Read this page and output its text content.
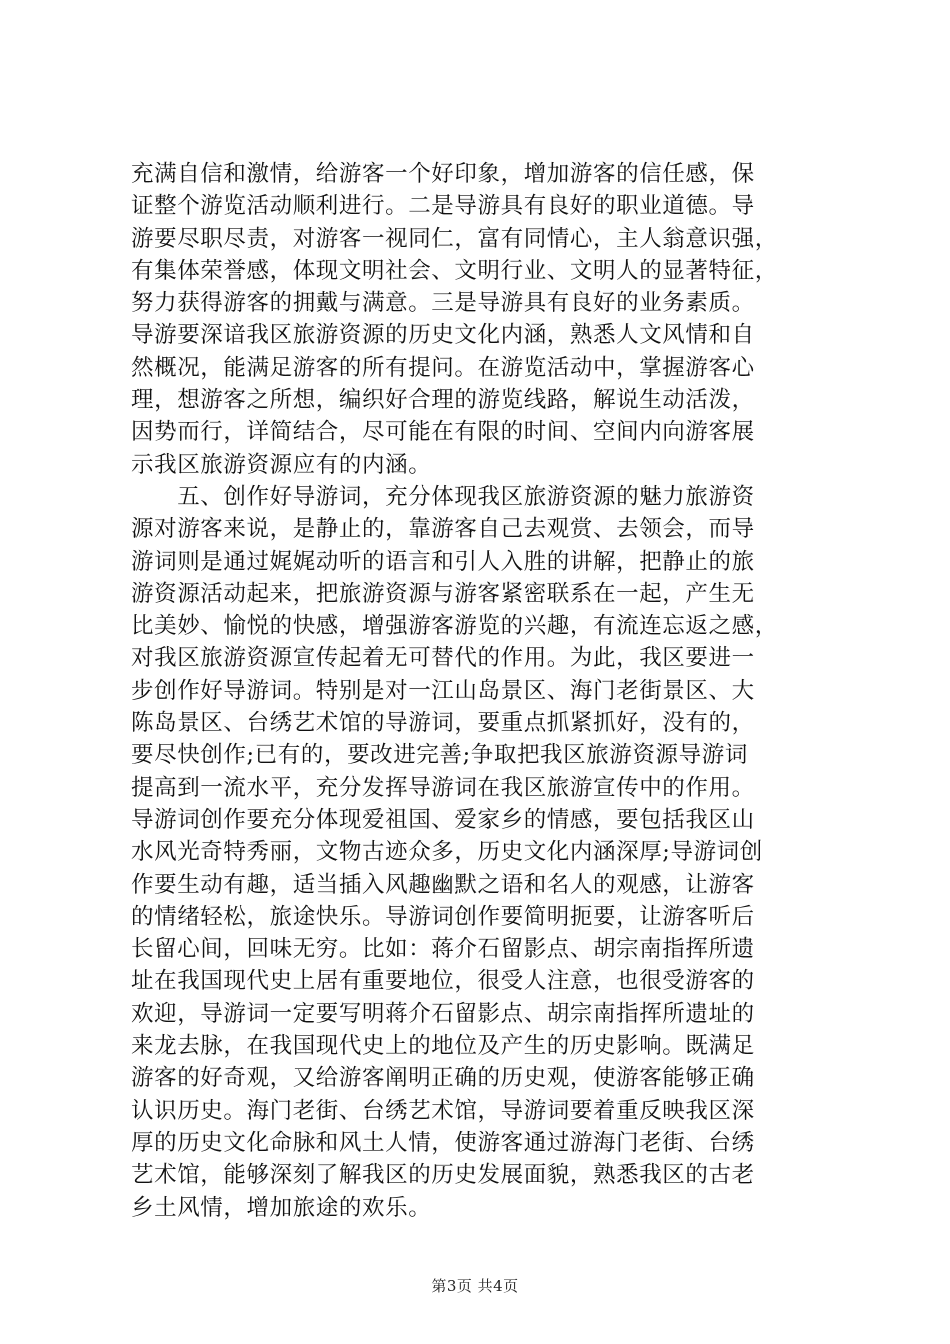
充满自信和激情，给游客一个好印象，增加游客的信任感，保
证整个游览活动顺利进行。二是导游具有良好的职业道德。导
游要尽职尽责，对游客一视同仁，富有同情心，主人翁意识强，
有集体荣誉感，体现文明社会、文明行业、文明人的显著特征，
努力获得游客的拥戴与满意。三是导游具有良好的业务素质。
导游要深谙我区旅游资源的历史文化内涵，熟悉人文风情和自
然概况，能满足游客的所有提问。在游览活动中，掌握游客心
理，想游客之所想，编织好合理的游览线路，解说生动活泼，
因势而行，详简结合，尽可能在有限的时间、空间内向游客展
示我区旅游资源应有的内涵。
　　五、创作好导游词，充分体现我区旅游资源的魅力旅游资
源对游客来说，是静止的，靠游客自己去观赏、去领会，而导
游词则是通过娓娓动听的语言和引人入胜的讲解，把静止的旅
游资源活动起来，把旅游资源与游客紧密联系在一起，产生无
比美妙、愉悦的快感，增强游客游览的兴趣，有流连忘返之感，
对我区旅游资源宣传起着无可替代的作用。为此，我区要进一
步创作好导游词。特别是对一江山岛景区、海门老街景区、大
陈岛景区、台绣艺术馆的导游词，要重点抓紧抓好，没有的，
要尽快创作;已有的，要改进完善;争取把我区旅游资源导游词
提高到一流水平，充分发挥导游词在我区旅游宣传中的作用。
导游词创作要充分体现爱祖国、爱家乡的情感，要包括我区山
水风光奇特秀丽，文物古迹众多，历史文化内涵深厚;导游词创
作要生动有趣，适当插入风趣幽默之语和名人的观感，让游客
的情绪轻松，旅途快乐。导游词创作要简明扼要，让游客听后
长留心间，回味无穷。比如：蒋介石留影点、胡宗南指挥所遗
址在我国现代史上居有重要地位，很受人注意，也很受游客的
欢迎，导游词一定要写明蒋介石留影点、胡宗南指挥所遗址的
来龙去脉，在我国现代史上的地位及产生的历史影响。既满足
游客的好奇观，又给游客阐明正确的历史观，使游客能够正确
认识历史。海门老街、台绣艺术馆，导游词要着重反映我区深
厚的历史文化命脉和风土人情，使游客通过游海门老街、台绣
艺术馆，能够深刻了解我区的历史发展面貌，熟悉我区的古老
乡土风情，增加旅途的欢乐。
第3页 共4页
